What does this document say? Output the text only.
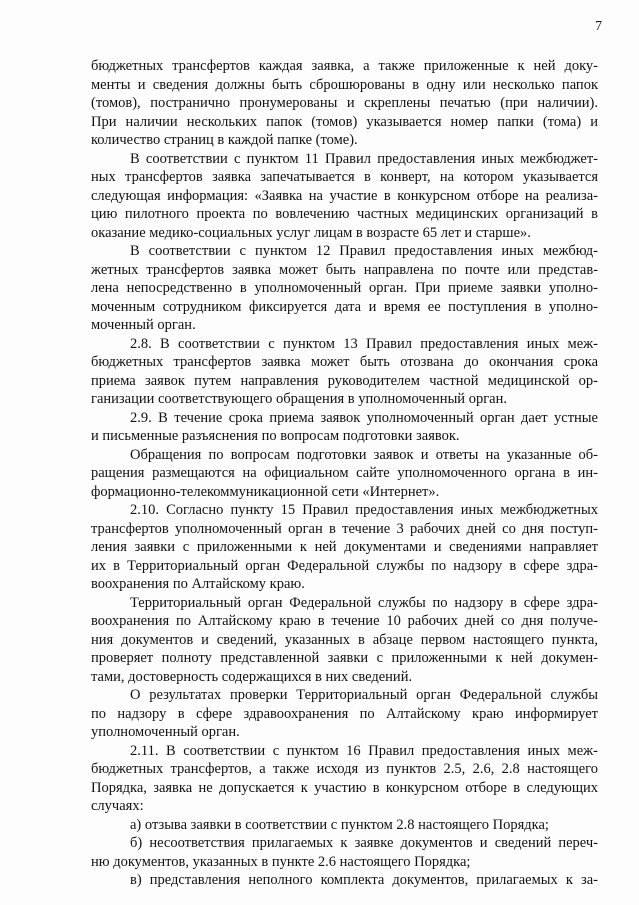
7
бюджетных трансфертов каждая заявка, а также приложенные к ней доку-
менты и сведения должны быть сброшюрованы в одну или несколько папок
(томов), постранично пронумерованы и скреплены печатью (при наличии).
При наличии нескольких папок (томов) указывается номер папки (тома) и
количество страниц в каждой папке (томе).
В соответствии с пунктом 11 Правил предоставления иных межбюджет-
ных трансфертов заявка запечатывается в конверт, на котором указывается
следующая информация: «Заявка на участие в конкурсном отборе на реализа-
цию пилотного проекта по вовлечению частных медицинских организаций в
оказание медико-социальных услуг лицам в возрасте 65 лет и старше».
В соответствии с пунктом 12 Правил предоставления иных межбюд-
жетных трансфертов заявка может быть направлена по почте или представ-
лена непосредственно в уполномоченный орган. При приеме заявки уполно-
моченным сотрудником фиксируется дата и время ее поступления в уполно-
моченный орган.
2.8. В соответствии с пунктом 13 Правил предоставления иных меж-
бюджетных трансфертов заявка может быть отозвана до окончания срока
приема заявок путем направления руководителем частной медицинской ор-
ганизации соответствующего обращения в уполномоченный орган.
2.9. В течение срока приема заявок уполномоченный орган дает устные
и письменные разъяснения по вопросам подготовки заявок.
Обращения по вопросам подготовки заявок и ответы на указанные об-
ращения размещаются на официальном сайте уполномоченного органа в ин-
формационно-телекоммуникационной сети «Интернет».
2.10. Согласно пункту 15 Правил предоставления иных межбюджетных
трансфертов уполномоченный орган в течение 3 рабочих дней со дня поступ-
ления заявки с приложенными к ней документами и сведениями направляет
их в Территориальный орган Федеральной службы по надзору в сфере здра-
воохранения по Алтайскому краю.
Территориальный орган Федеральной службы по надзору в сфере здра-
воохранения по Алтайскому краю в течение 10 рабочих дней со дня получе-
ния документов и сведений, указанных в абзаце первом настоящего пункта,
проверяет полноту представленной заявки с приложенными к ней докумен-
тами, достоверность содержащихся в них сведений.
О результатах проверки Территориальный орган Федеральной службы
по надзору в сфере здравоохранения по Алтайскому краю информирует
уполномоченный орган.
2.11. В соответствии с пунктом 16 Правил предоставления иных меж-
бюджетных трансфертов, а также исходя из пунктов 2.5, 2.6, 2.8 настоящего
Порядка, заявка не допускается к участию в конкурсном отборе в следующих
случаях:
а) отзыва заявки в соответствии с пунктом 2.8 настоящего Порядка;
б) несоответствия прилагаемых к заявке документов и сведений переч-
ню документов, указанных в пункте 2.6 настоящего Порядка;
в) представления неполного комплекта документов, прилагаемых к за-
